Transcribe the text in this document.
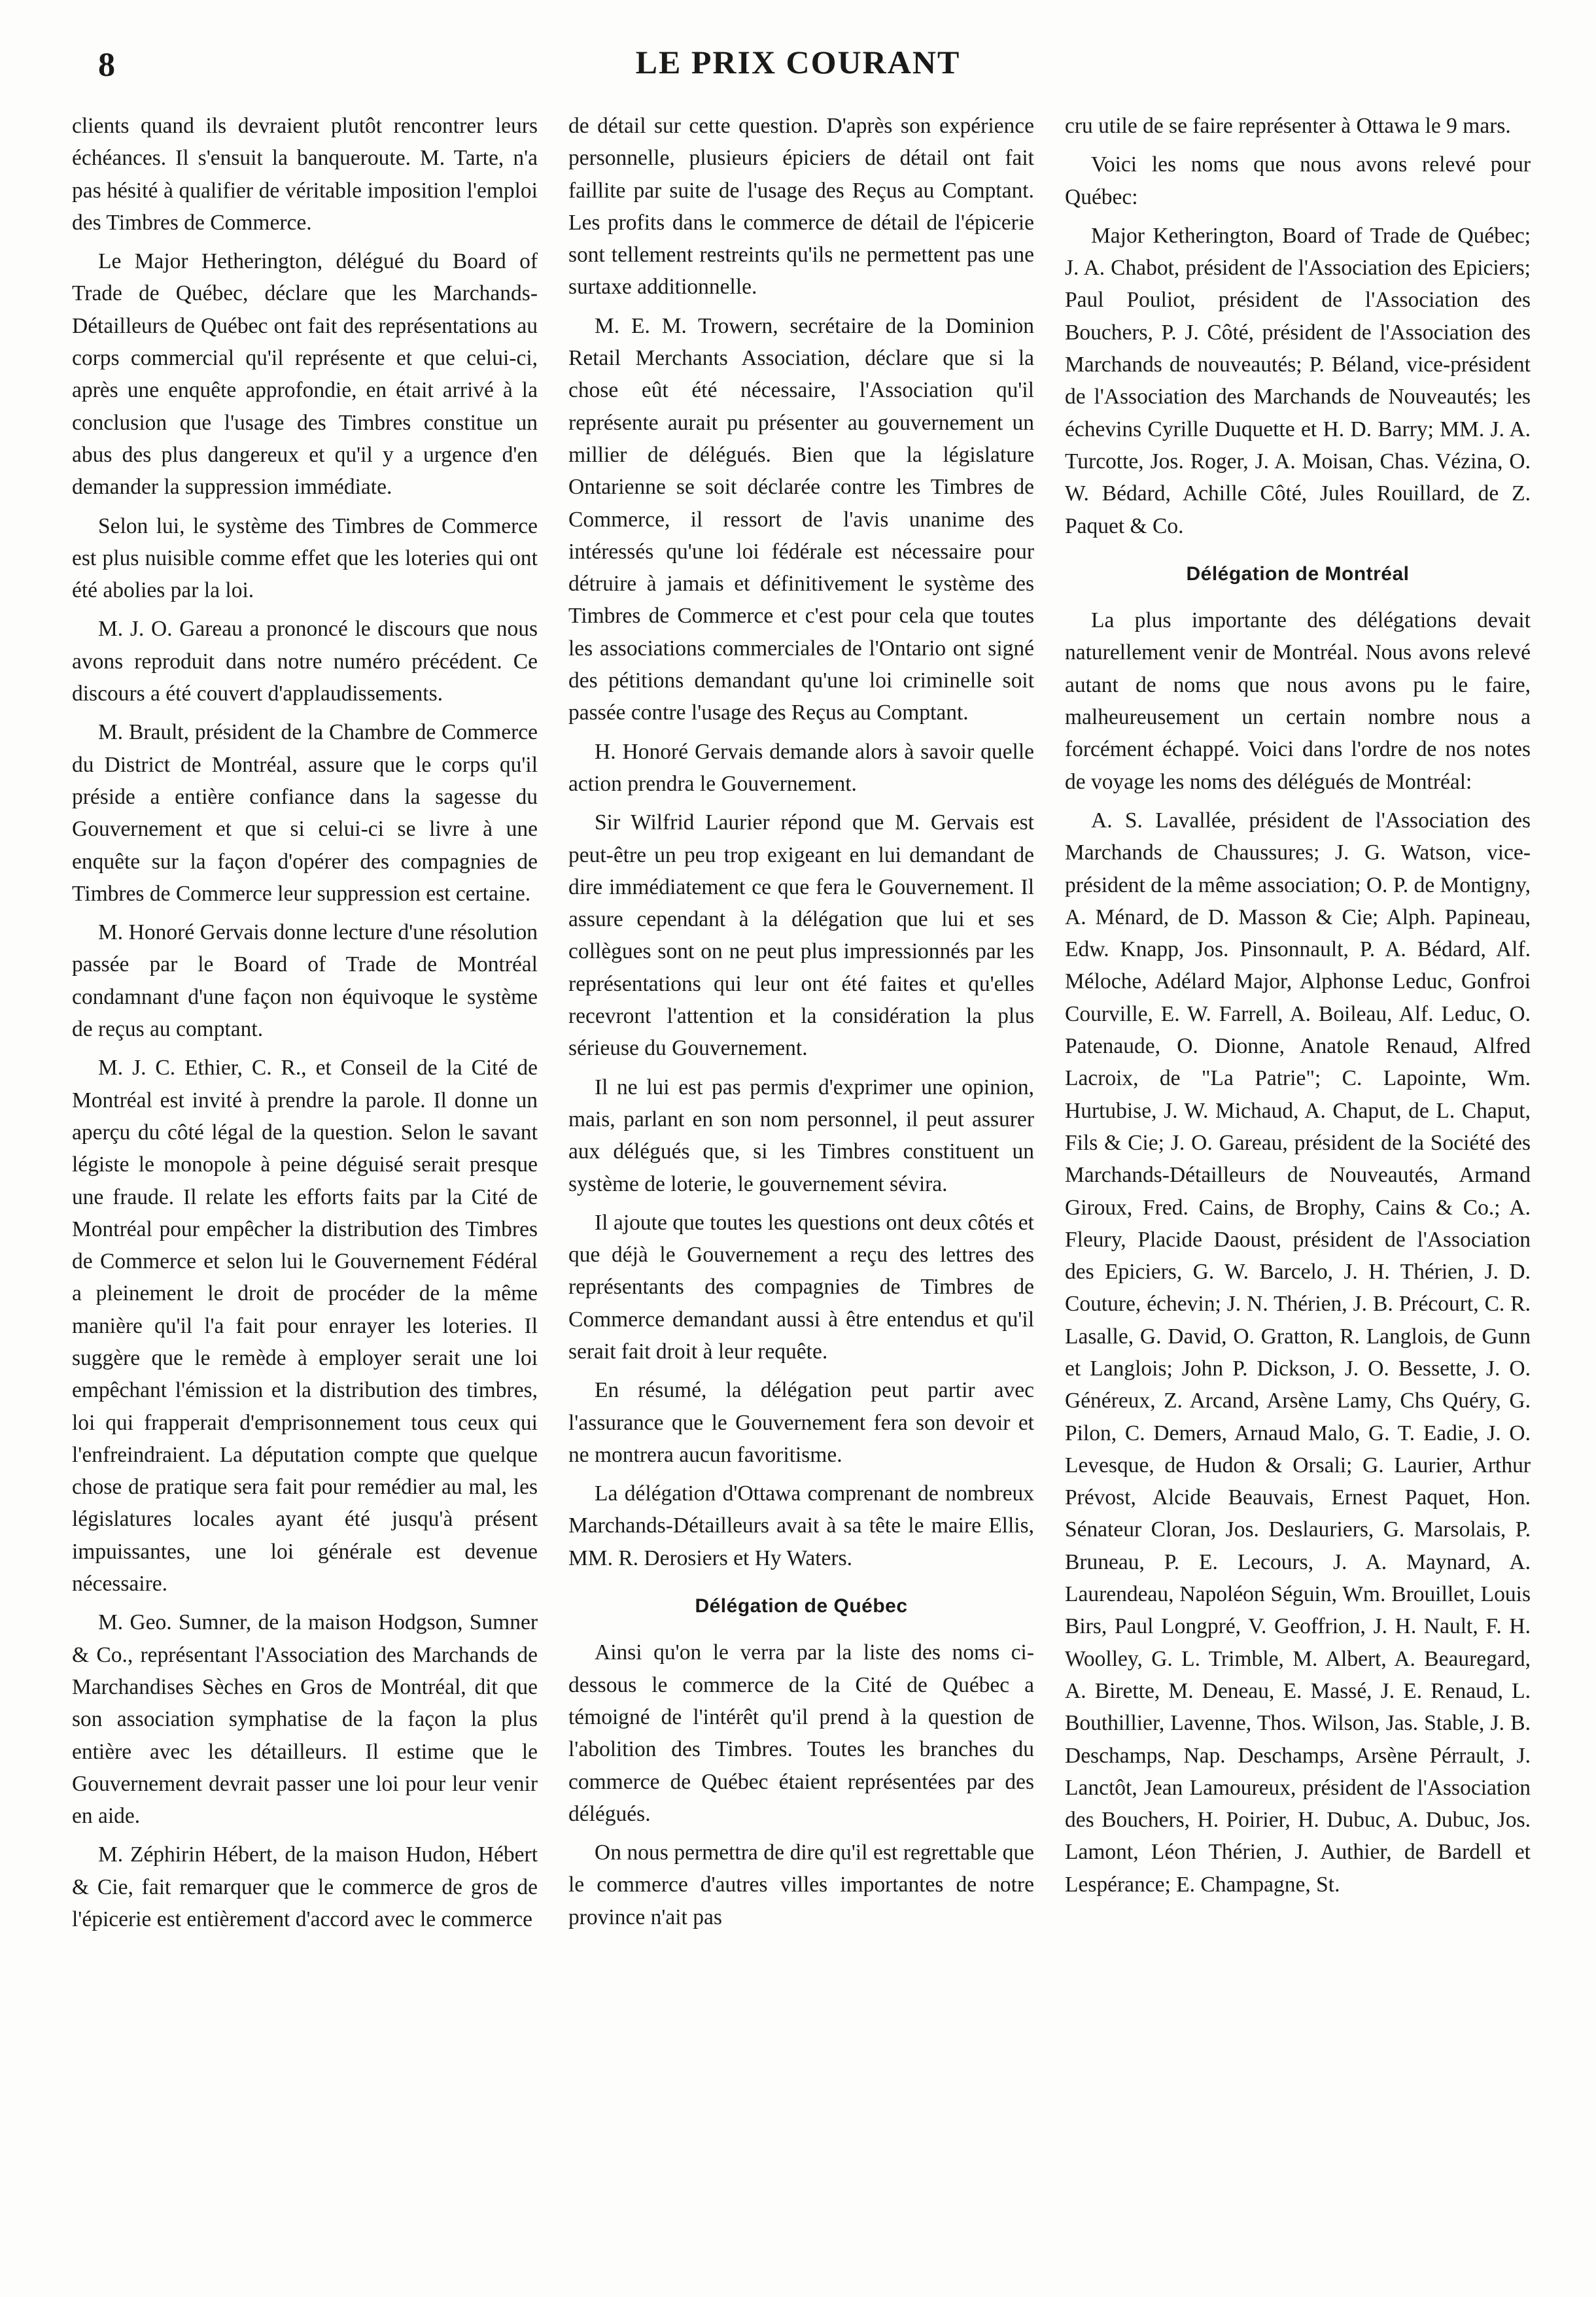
8	LE PRIX COURANT

clients quand ils devraient plutôt rencontrer leurs échéances. Il s'ensuit la banqueroute. M. Tarte, n'a pas hésité à qualifier de véritable imposition l'emploi des Timbres de Commerce.

Le Major Hetherington, délégué du Board of Trade de Québec, déclare que les Marchands-Détailleurs de Québec ont fait des représentations au corps commercial qu'il représente et que celui-ci, après une enquête approfondie, en était arrivé à la conclusion que l'usage des Timbres constitue un abus des plus dangereux et qu'il y a urgence d'en demander la suppression immédiate.

Selon lui, le système des Timbres de Commerce est plus nuisible comme effet que les loteries qui ont été abolies par la loi.

M. J. O. Gareau a prononcé le discours que nous avons reproduit dans notre numéro précédent. Ce discours a été couvert d'applaudissements.

M. Brault, président de la Chambre de Commerce du District de Montréal, assure que le corps qu'il préside a entière confiance dans la sagesse du Gouvernement et que si celui-ci se livre à une enquête sur la façon d'opérer des compagnies de Timbres de Commerce leur suppression est certaine.

M. Honoré Gervais donne lecture d'une résolution passée par le Board of Trade de Montréal condamnant d'une façon non équivoque le système de reçus au comptant.

M. J. C. Ethier, C. R., et Conseil de la Cité de Montréal est invité à prendre la parole. Il donne un aperçu du côté légal de la question. Selon le savant légiste le monopole à peine déguisé serait presque une fraude. Il relate les efforts faits par la Cité de Montréal pour empêcher la distribution des Timbres de Commerce et selon lui le Gouvernement Fédéral a pleinement le droit de procéder de la même manière qu'il l'a fait pour enrayer les loteries. Il suggère que le remède à employer serait une loi empêchant l'émission et la distribution des timbres, loi qui frapperait d'emprisonnement tous ceux qui l'enfreindraient. La députation compte que quelque chose de pratique sera fait pour remédier au mal, les législatures locales ayant été jusqu'à présent impuissantes, une loi générale est devenue nécessaire.

M. Geo. Sumner, de la maison Hodgson, Sumner & Co., représentant l'Association des Marchands de Marchandises Sèches en Gros de Montréal, dit que son association symphatise de la façon la plus entière avec les détailleurs. Il estime que le Gouvernement devrait passer une loi pour leur venir en aide.

M. Zéphirin Hébert, de la maison Hudon, Hébert & Cie, fait remarquer que le commerce de gros de l'épicerie est entièrement d'accord avec le commerce

de détail sur cette question. D'après son expérience personnelle, plusieurs épiciers de détail ont fait faillite par suite de l'usage des Reçus au Comptant. Les profits dans le commerce de détail de l'épicerie sont tellement restreints qu'ils ne permettent pas une surtaxe additionnelle.

M. E. M. Trowern, secrétaire de la Dominion Retail Merchants Association, déclare que si la chose eût été nécessaire, l'Association qu'il représente aurait pu présenter au gouvernement un millier de délégués. Bien que la législature Ontarienne se soit déclarée contre les Timbres de Commerce, il ressort de l'avis unanime des intéressés qu'une loi fédérale est nécessaire pour détruire à jamais et définitivement le système des Timbres de Commerce et c'est pour cela que toutes les associations commerciales de l'Ontario ont signé des pétitions demandant qu'une loi criminelle soit passée contre l'usage des Reçus au Comptant.

H. Honoré Gervais demande alors à savoir quelle action prendra le Gouvernement.

Sir Wilfrid Laurier répond que M. Gervais est peut-être un peu trop exigeant en lui demandant de dire immédiatement ce que fera le Gouvernement. Il assure cependant à la délégation que lui et ses collègues sont on ne peut plus impressionnés par les représentations qui leur ont été faites et qu'elles recevront l'attention et la considération la plus sérieuse du Gouvernement.

Il ne lui est pas permis d'exprimer une opinion, mais, parlant en son nom personnel, il peut assurer aux délégués que, si les Timbres constituent un système de loterie, le gouvernement sévira.

Il ajoute que toutes les questions ont deux côtés et que déjà le Gouvernement a reçu des lettres des représentants des compagnies de Timbres de Commerce demandant aussi à être entendus et qu'il serait fait droit à leur requête.

En résumé, la délégation peut partir avec l'assurance que le Gouvernement fera son devoir et ne montrera aucun favoritisme.

La délégation d'Ottawa comprenant de nombreux Marchands-Détailleurs avait à sa tête le maire Ellis, MM. R. Derosiers et Hy Waters.

Délégation de Québec

Ainsi qu'on le verra par la liste des noms ci-dessous le commerce de la Cité de Québec a témoigné de l'intérêt qu'il prend à la question de l'abolition des Timbres. Toutes les branches du commerce de Québec étaient représentées par des délégués.

On nous permettra de dire qu'il est regrettable que le commerce d'autres villes importantes de notre province n'ait pas

cru utile de se faire représenter à Ottawa le 9 mars.

Voici les noms que nous avons relevé pour Québec:

Major Ketherington, Board of Trade de Québec; J. A. Chabot, président de l'Association des Epiciers; Paul Pouliot, président de l'Association des Bouchers, P. J. Côté, président de l'Association des Marchands de nouveautés; P. Béland, vice-président de l'Association des Marchands de Nouveautés; les échevins Cyrille Duquette et H. D. Barry; MM. J. A. Turcotte, Jos. Roger, J. A. Moisan, Chas. Vézina, O. W. Bédard, Achille Côté, Jules Rouillard, de Z. Paquet & Co.

Délégation de Montréal

La plus importante des délégations devait naturellement venir de Montréal. Nous avons relevé autant de noms que nous avons pu le faire, malheureusement un certain nombre nous a forcément échappé. Voici dans l'ordre de nos notes de voyage les noms des délégués de Montréal:

A. S. Lavallée, président de l'Association des Marchands de Chaussures; J. G. Watson, vice-président de la même association; O. P. de Montigny, A. Ménard, de D. Masson & Cie; Alph. Papineau, Edw. Knapp, Jos. Pinsonnault, P. A. Bédard, Alf. Méloche, Adélard Major, Alphonse Leduc, Gonfroi Courville, E. W. Farrell, A. Boileau, Alf. Leduc, O. Patenaude, O. Dionne, Anatole Renaud, Alfred Lacroix, de "La Patrie"; C. Lapointe, Wm. Hurtubise, J. W. Michaud, A. Chaput, de L. Chaput, Fils & Cie; J. O. Gareau, président de la Société des Marchands-Détailleurs de Nouveautés, Armand Giroux, Fred. Cains, de Brophy, Cains & Co.; A. Fleury, Placide Daoust, président de l'Association des Epiciers, G. W. Barcelo, J. H. Thérien, J. D. Couture, échevin; J. N. Thérien, J. B. Précourt, C. R. Lasalle, G. David, O. Gratton, R. Langlois, de Gunn et Langlois; John P. Dickson, J. O. Bessette, J. O. Généreux, Z. Arcand, Arsène Lamy, Chs Quéry, G. Pilon, C. Demers, Arnaud Malo, G. T. Eadie, J. O. Levesque, de Hudon & Orsali; G. Laurier, Arthur Prévost, Alcide Beauvais, Ernest Paquet, Hon. Sénateur Cloran, Jos. Deslauriers, G. Marsolais, P. Bruneau, P. E. Lecours, J. A. Maynard, A. Laurendeau, Napoléon Séguin, Wm. Brouillet, Louis Birs, Paul Longpré, V. Geoffrion, J. H. Nault, F. H. Woolley, G. L. Trimble, M. Albert, A. Beauregard, A. Birette, M. Deneau, E. Massé, J. E. Renaud, L. Bouthillier, Lavenne, Thos. Wilson, Jas. Stable, J. B. Deschamps, Nap. Deschamps, Arsène Pérrault, J. Lanctôt, Jean Lamoureux, président de l'Association des Bouchers, H. Poirier, H. Dubuc, A. Dubuc, Jos. Lamont, Léon Thérien, J. Authier, de Bardell et Lespérance; E. Champagne, St.
